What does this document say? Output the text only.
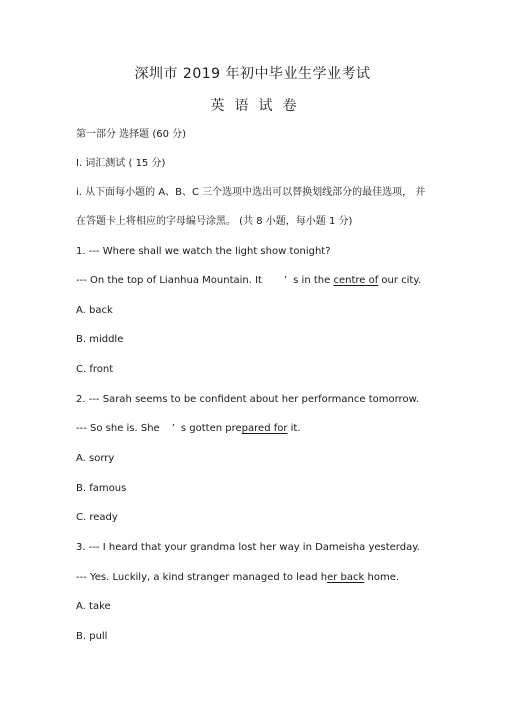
深圳市 2019 年初中毕业生学业考试
英语试卷
第一部分 选择题 (60 分)
I. 词汇测试 ( 15 分)
i. 从下面每小题的 A、B、C 三个选项中选出可以替换划线部分的最佳选项， 并
在答题卡上将相应的字母编号涂黑。 (共 8 小题，每小题 1 分)
1. --- Where shall we watch the light show tonight?
--- On the top of Lianhua Mountain. It ’ s in the centre of our city.
A. back
B. middle
C. front
2. --- Sarah seems to be confident about her performance tomorrow.
--- So she is. She ’ s gotten prepared for it.
A. sorry
B. famous
C. ready
3. --- I heard that your grandma lost her way in Dameisha yesterday.
--- Yes. Luckily, a kind stranger managed to lead her back home.
A. take
B. pull
